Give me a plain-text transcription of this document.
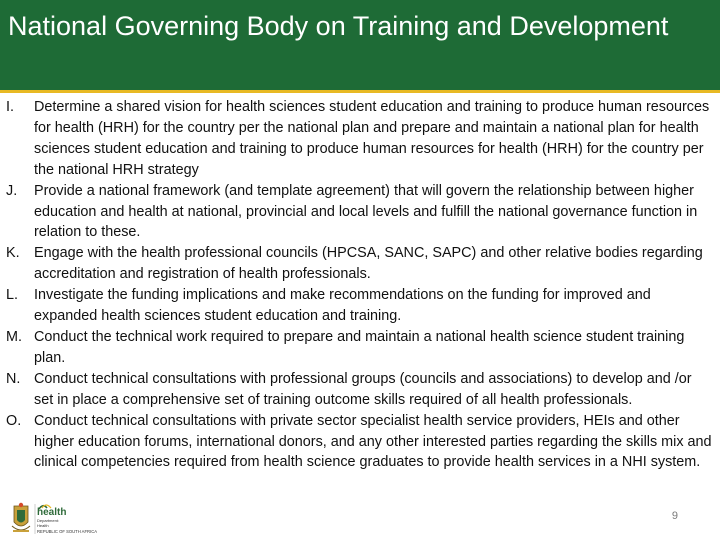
National Governing Body on Training and Development
I.	Determine a shared vision for health sciences student education and training to produce human resources for health (HRH) for the country per the national plan and prepare and maintain a national plan for health sciences student education and training to produce human resources for health (HRH) for the country per the national HRH strategy
J.	Provide a national framework (and template agreement) that will govern the relationship between higher education and health at national, provincial and local levels and fulfill the national governance function in relation to these.
K. Engage with the health professional councils (HPCSA, SANC, SAPC) and other relative bodies regarding accreditation and registration of health professionals.
L.	Investigate the funding implications and make recommendations on the funding for improved and expanded health sciences student education and training.
M. Conduct the technical work required to prepare and maintain a national health science student training plan.
N. Conduct technical consultations with professional groups (councils and associations) to develop and /or set in place a comprehensive set of training outcome skills required of all health professionals.
O. Conduct technical consultations with private sector specialist health service providers, HEIs and other higher education forums, international donors, and any other interested parties regarding the skills mix and clinical competencies required from health science graduates to provide health services in a NHI system.
health
Department:
Health
REPUBLIC OF SOUTH AFRICA
9
